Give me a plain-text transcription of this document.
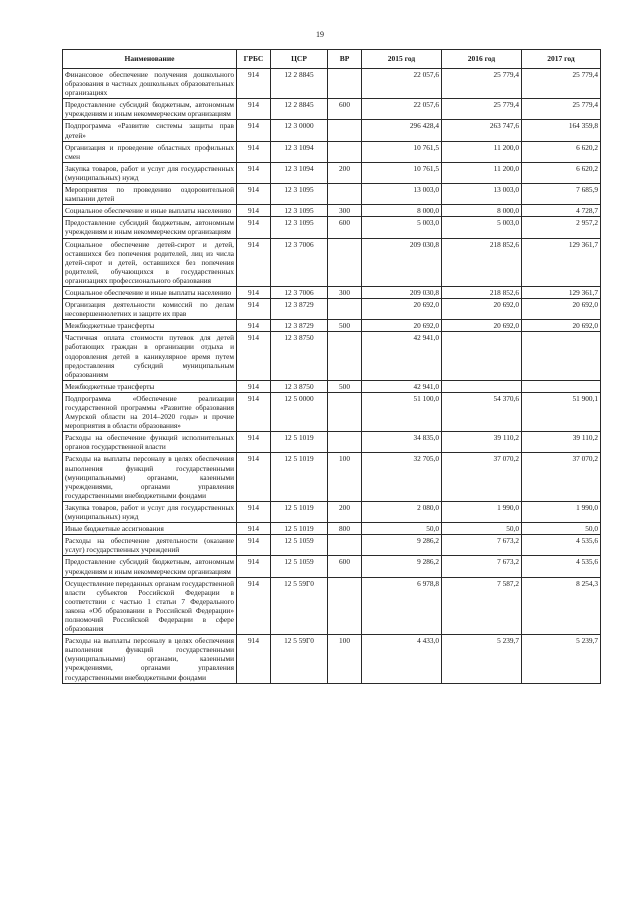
19
Наименование	ГРБС	ЦСР	ВР	2015 год	2016 год	2017 год
Финансовое обеспечение получения дошкольного образования в частных дошкольных образовательных организациях	914	12 2 8845		22 057,6	25 779,4	25 779,4
Предоставление субсидий бюджетным, автономным учреждениям и иным некоммерческим организациям	914	12 2 8845	600	22 057,6	25 779,4	25 779,4
Подпрограмма «Развитие системы защиты прав детей»	914	12 3 0000		296 428,4	263 747,6	164 359,8
Организация и проведение областных профильных смен	914	12 3 1094		10 761,5	11 200,0	6 620,2
Закупка товаров, работ и услуг для государственных (муниципальных) нужд	914	12 3 1094	200	10 761,5	11 200,0	6 620,2
Мероприятия по проведению оздоровительной кампании детей	914	12 3 1095		13 003,0	13 003,0	7 685,9
Социальное обеспечение и иные выплаты населению	914	12 3 1095	300	8 000,0	8 000,0	4 728,7
Предоставление субсидий бюджетным, автономным учреждениям и иным некоммерческим организациям	914	12 3 1095	600	5 003,0	5 003,0	2 957,2
Социальное обеспечение детей-сирот и детей, оставшихся без попечения родителей, лиц из числа детей-сирот и детей, оставшихся без попечения родителей, обучающихся в государственных организациях профессионального образования	914	12 3 7006		209 030,8	218 852,6	129 361,7
Социальное обеспечение и иные выплаты населению	914	12 3 7006	300	209 030,8	218 852,6	129 361,7
Организация деятельности комиссий по делам несовершеннолетних и защите их прав	914	12 3 8729		20 692,0	20 692,0	20 692,0
Межбюджетные трансферты	914	12 3 8729	500	20 692,0	20 692,0	20 692,0
Частичная оплата стоимости путевок для детей работающих граждан в организации отдыха и оздоровления детей в каникулярное время путем предоставления субсидий муниципальным образованиям	914	12 3 8750		42 941,0		
Межбюджетные трансферты	914	12 3 8750	500	42 941,0		
Подпрограмма «Обеспечение реализации государственной программы «Развитие образования Амурской области на 2014–2020 годы» и прочие мероприятия в области образования»	914	12 5 0000		51 100,0	54 370,6	51 900,1
Расходы на обеспечение функций исполнительных органов государственной власти	914	12 5 1019		34 835,0	39 110,2	39 110,2
Расходы на выплаты персоналу в целях обеспечения выполнения функций государственными (муниципальными) органами, казенными учреждениями, органами управления государственными внебюджетными фондами	914	12 5 1019	100	32 705,0	37 070,2	37 070,2
Закупка товаров, работ и услуг для государственных (муниципальных) нужд	914	12 5 1019	200	2 080,0	1 990,0	1 990,0
Иные бюджетные ассигнования	914	12 5 1019	800	50,0	50,0	50,0
Расходы на обеспечение деятельности (оказание услуг) государственных учреждений	914	12 5 1059		9 286,2	7 673,2	4 535,6
Предоставление субсидий бюджетным, автономным учреждениям и иным некоммерческим организациям	914	12 5 1059	600	9 286,2	7 673,2	4 535,6
Осуществление переданных органам государственной власти субъектов Российской Федерации в соответствии с частью 1 статьи 7 Федерального закона «Об образовании в Российской Федерации» полномочий Российской Федерации в сфере образования	914	12 5 59Г0		6 978,8	7 587,2	8 254,3
Расходы на выплаты персоналу в целях обеспечения выполнения функций государственными (муниципальными) органами, казенными учреждениями, органами управления государственными внебюджетными фондами	914	12 5 59Г0	100	4 433,0	5 239,7	5 239,7
